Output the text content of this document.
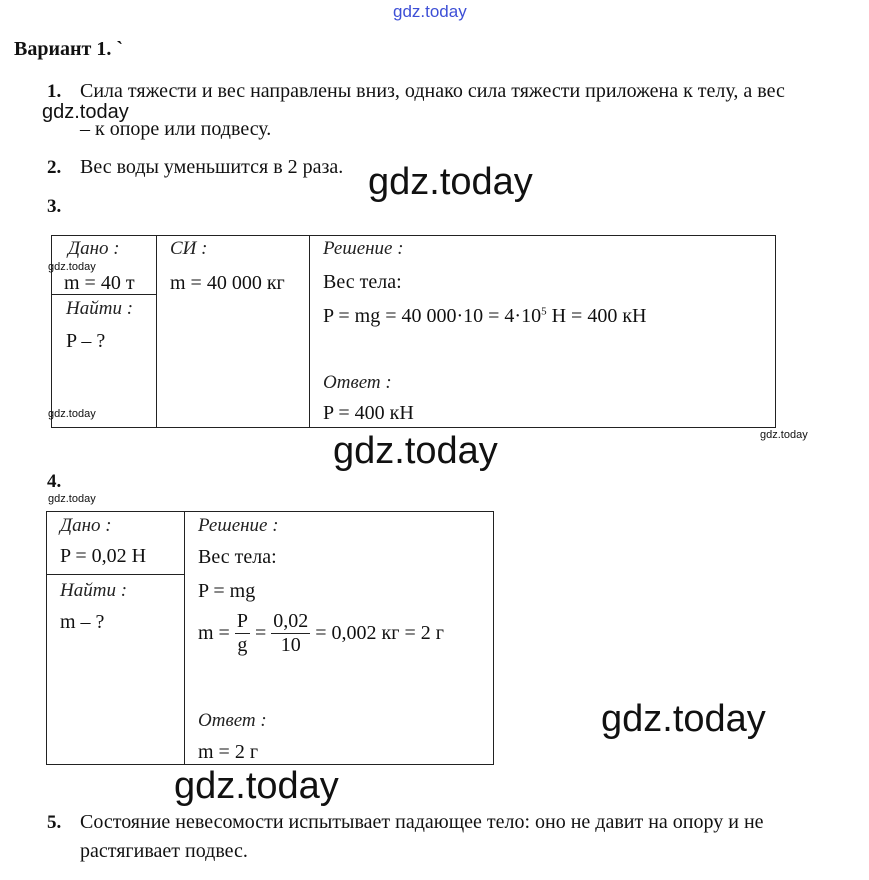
gdz.today
Вариант 1. `
1. Сила тяжести и вес направлены вниз, однако сила тяжести приложена к телу, а вес
gdz.today
– к опоре или подвесу.
2. Вес воды уменьшится в 2 раза. gdz.today
3.
Дано :
gdz.today
m = 40 т
Найти :
P – ?
gdz.today
СИ :
m = 40 000 кг
Решение :
Вес тела:
P = mg = 40 $000\cdot 10 = 4\cdot 10^5$ Н = 400 кН
Ответ :
P = 400 кН
gdz.today
gdz.today
4.
gdz.today
Дано :
P = 0,02 Н
Найти :
m – ?
Решение :
Вес тела:
P = mg
$m = \frac{P}{g} = \frac{0,02}{10} = 0,002$ кг = 2 г
Ответ :
m = 2 г
gdz.today
gdz.today
5. Состояние невесомости испытывает падающее тело: оно не давит на опору и не
растягивает подвес.
